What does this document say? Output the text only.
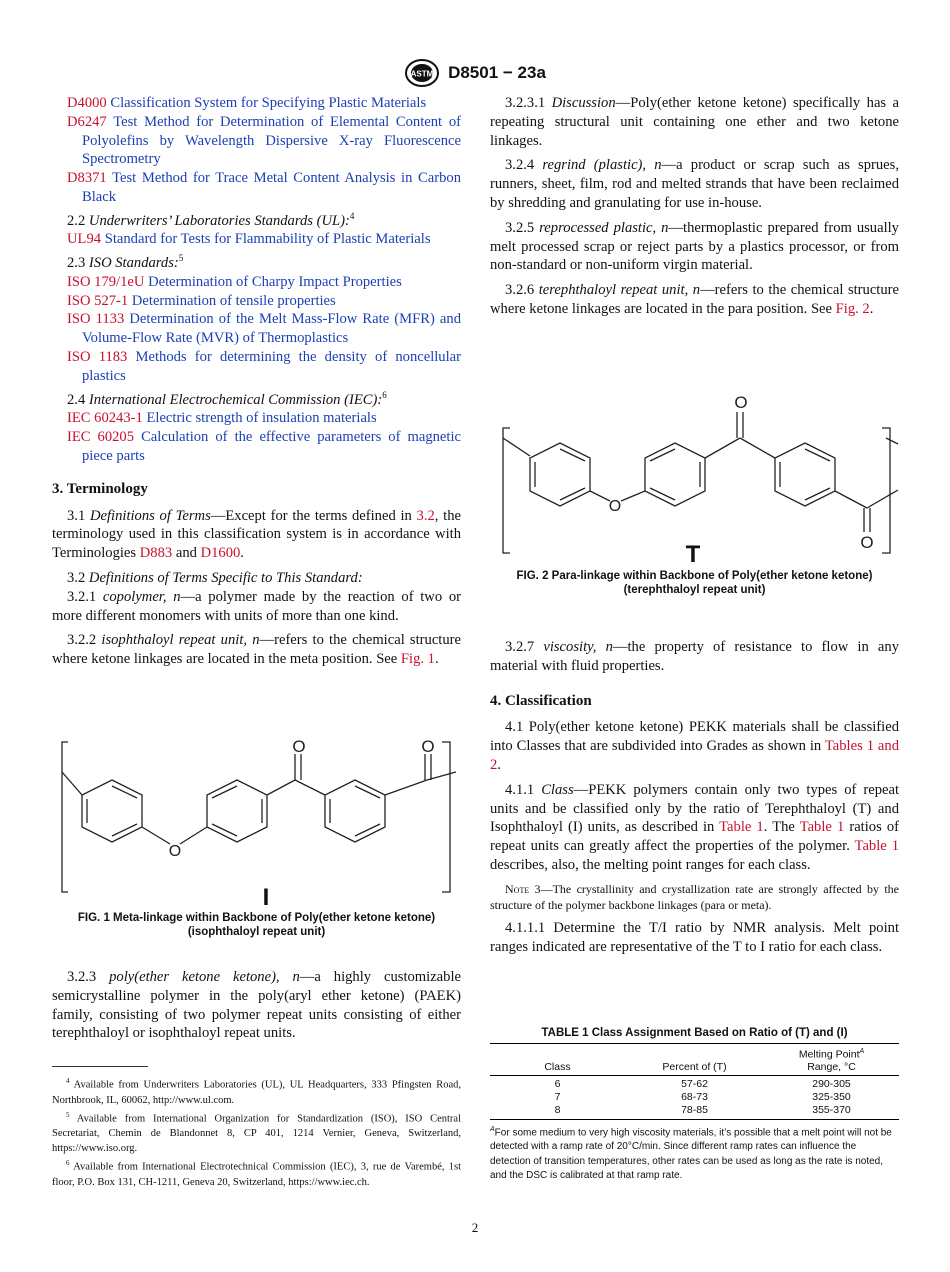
ASTM D8501 − 23a
D4000 Classification System for Specifying Plastic Materials
D6247 Test Method for Determination of Elemental Content of Polyolefins by Wavelength Dispersive X-ray Fluorescence Spectrometry
D8371 Test Method for Trace Metal Content Analysis in Carbon Black
2.2 Underwriters’ Laboratories Standards (UL):$^4$
UL94 Standard for Tests for Flammability of Plastic Materials
2.3 ISO Standards:$^5$
ISO 179/1eU Determination of Charpy Impact Properties
ISO 527-1 Determination of tensile properties
ISO 1133 Determination of the Melt Mass-Flow Rate (MFR) and Volume-Flow Rate (MVR) of Thermoplastics
ISO 1183 Methods for determining the density of noncellular plastics
2.4 International Electrochemical Commission (IEC):$^6$
IEC 60243-1 Electric strength of insulation materials
IEC 60205 Calculation of the effective parameters of magnetic piece parts
3. Terminology

3.1 Definitions of Terms—Except for the terms defined in 3.2, the terminology used in this classification system is in accordance with Terminologies D883 and D1600.

3.2 Definitions of Terms Specific to This Standard:

3.2.1 copolymer, n—a polymer made by the reaction of two or more different monomers with units of more than one kind.

3.2.2 isophthaloyl repeat unit, n—refers to the chemical structure where ketone linkages are located in the meta position. See Fig. 1.

O
O	O
I
FIG. 1 Meta-linkage within Backbone of Poly(ether ketone ketone)
(isophthaloyl repeat unit)

3.2.3 poly(ether ketone ketone), n—a highly customizable semicrystalline polymer in the poly(aryl ether ketone) (PAEK) family, consisting of two polymer repeat units consisting of either terephthaloyl or isophthaloyl repeat units.

$^4$ Available from Underwriters Laboratories (UL), UL Headquarters, 333 Pfingsten Road, Northbrook, IL, 60062, http://www.ul.com.
$^5$ Available from International Organization for Standardization (ISO), ISO Central Secretariat, Chemin de Blandonnet 8, CP 401, 1214 Vernier, Geneva, Switzerland, https://www.iso.org.
$^6$ Available from International Electrotechnical Commission (IEC), 3, rue de Varembé, 1st floor, P.O. Box 131, CH-1211, Geneva 20, Switzerland, https://www.iec.ch.

3.2.3.1 Discussion—Poly(ether ketone ketone) specifically has a repeating structural unit containing one ether and two ketone linkages.

3.2.4 regrind (plastic), n—a product or scrap such as sprues, runners, sheet, film, rod and melted strands that have been reclaimed by shredding and granulating for use in-house.

3.2.5 reprocessed plastic, n—thermoplastic prepared from usually melt processed scrap or reject parts by a plastics processor, or from non-standard or non-uniform virgin material.

3.2.6 terephthaloyl repeat unit, n—refers to the chemical structure where ketone linkages are located in the para position. See Fig. 2.

O
O
O
T
FIG. 2 Para-linkage within Backbone of Poly(ether ketone ketone)
(terephthaloyl repeat unit)

3.2.7 viscosity, n—the property of resistance to flow in any material with fluid properties.

4. Classification

4.1 Poly(ether ketone ketone) PEKK materials shall be classified into Classes that are subdivided into Grades as shown in Tables 1 and 2.

4.1.1 Class—PEKK polymers contain only two types of repeat units and be classified only by the ratio of Terephthaloyl (T) and Isophthaloyl (I) units, as described in Table 1. The Table 1 ratios of repeat units can greatly affect the properties of the polymer. Table 1 describes, also, the melting point ranges for each class.

Note 3—The crystallinity and crystallization rate are strongly affected by the structure of the polymer backbone linkages (para or meta).

4.1.1.1 Determine the T/I ratio by NMR analysis. Melt point ranges indicated are representative of the T to I ratio for each class.

TABLE 1 Class Assignment Based on Ratio of (T) and (I)
Class	Percent of (T)	Melting Point$^A$
Range, °C
6	57-62	290-305
7	68-73	325-350
8	78-85	355-370
$^A$For some medium to very high viscosity materials, it’s possible that a melt point will not be detected with a ramp rate of 20°C/min. Since different ramp rates can influence the detection of transition temperatures, other rates can be used as long as the rate is noted, and the DSC is calibrated at that ramp rate.
2
